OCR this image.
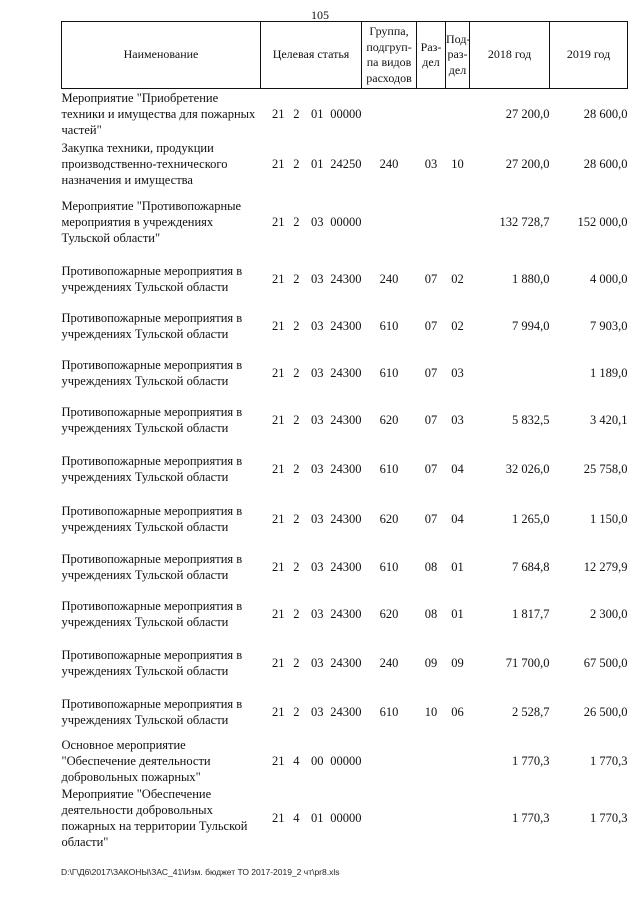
105
Наименование	Целевая статья				Группа, подгруп-па видов расходов	Раз-дел	Под-раз-дел	2018 год	2019 год
Мероприятие "Приобретение техники и имущества для пожарных частей"	21	2	01	00000				27 200,0	28 600,0
Закупка техники, продукции производственно-технического назначения и имущества	21	2	01	24250	240	03	10	27 200,0	28 600,0
Мероприятие "Противопожарные мероприятия в учреждениях Тульской области"	21	2	03	00000				132 728,7	152 000,0
Противопожарные мероприятия в учреждениях Тульской области	21	2	03	24300	240	07	02	1 880,0	4 000,0
Противопожарные мероприятия в учреждениях Тульской области	21	2	03	24300	610	07	02	7 994,0	7 903,0
Противопожарные мероприятия в учреждениях Тульской области	21	2	03	24300	610	07	03		1 189,0
Противопожарные мероприятия в учреждениях Тульской области	21	2	03	24300	620	07	03	5 832,5	3 420,1
Противопожарные мероприятия в учреждениях Тульской области	21	2	03	24300	610	07	04	32 026,0	25 758,0
Противопожарные мероприятия в учреждениях Тульской области	21	2	03	24300	620	07	04	1 265,0	1 150,0
Противопожарные мероприятия в учреждениях Тульской области	21	2	03	24300	610	08	01	7 684,8	12 279,9
Противопожарные мероприятия в учреждениях Тульской области	21	2	03	24300	620	08	01	1 817,7	2 300,0
Противопожарные мероприятия в учреждениях Тульской области	21	2	03	24300	240	09	09	71 700,0	67 500,0
Противопожарные мероприятия в учреждениях Тульской области	21	2	03	24300	610	10	06	2 528,7	26 500,0
Основное мероприятие "Обеспечение деятельности добровольных пожарных"	21	4	00	00000				1 770,3	1 770,3
Мероприятие "Обеспечение деятельности добровольных пожарных на территории Тульской области"	21	4	01	00000				1 770,3	1 770,3
D:\Г\Д6\2017\ЗАКОНЫ\ЗАС_41\Изм. бюджет ТО 2017-2019_2 чт\pr8.xls
